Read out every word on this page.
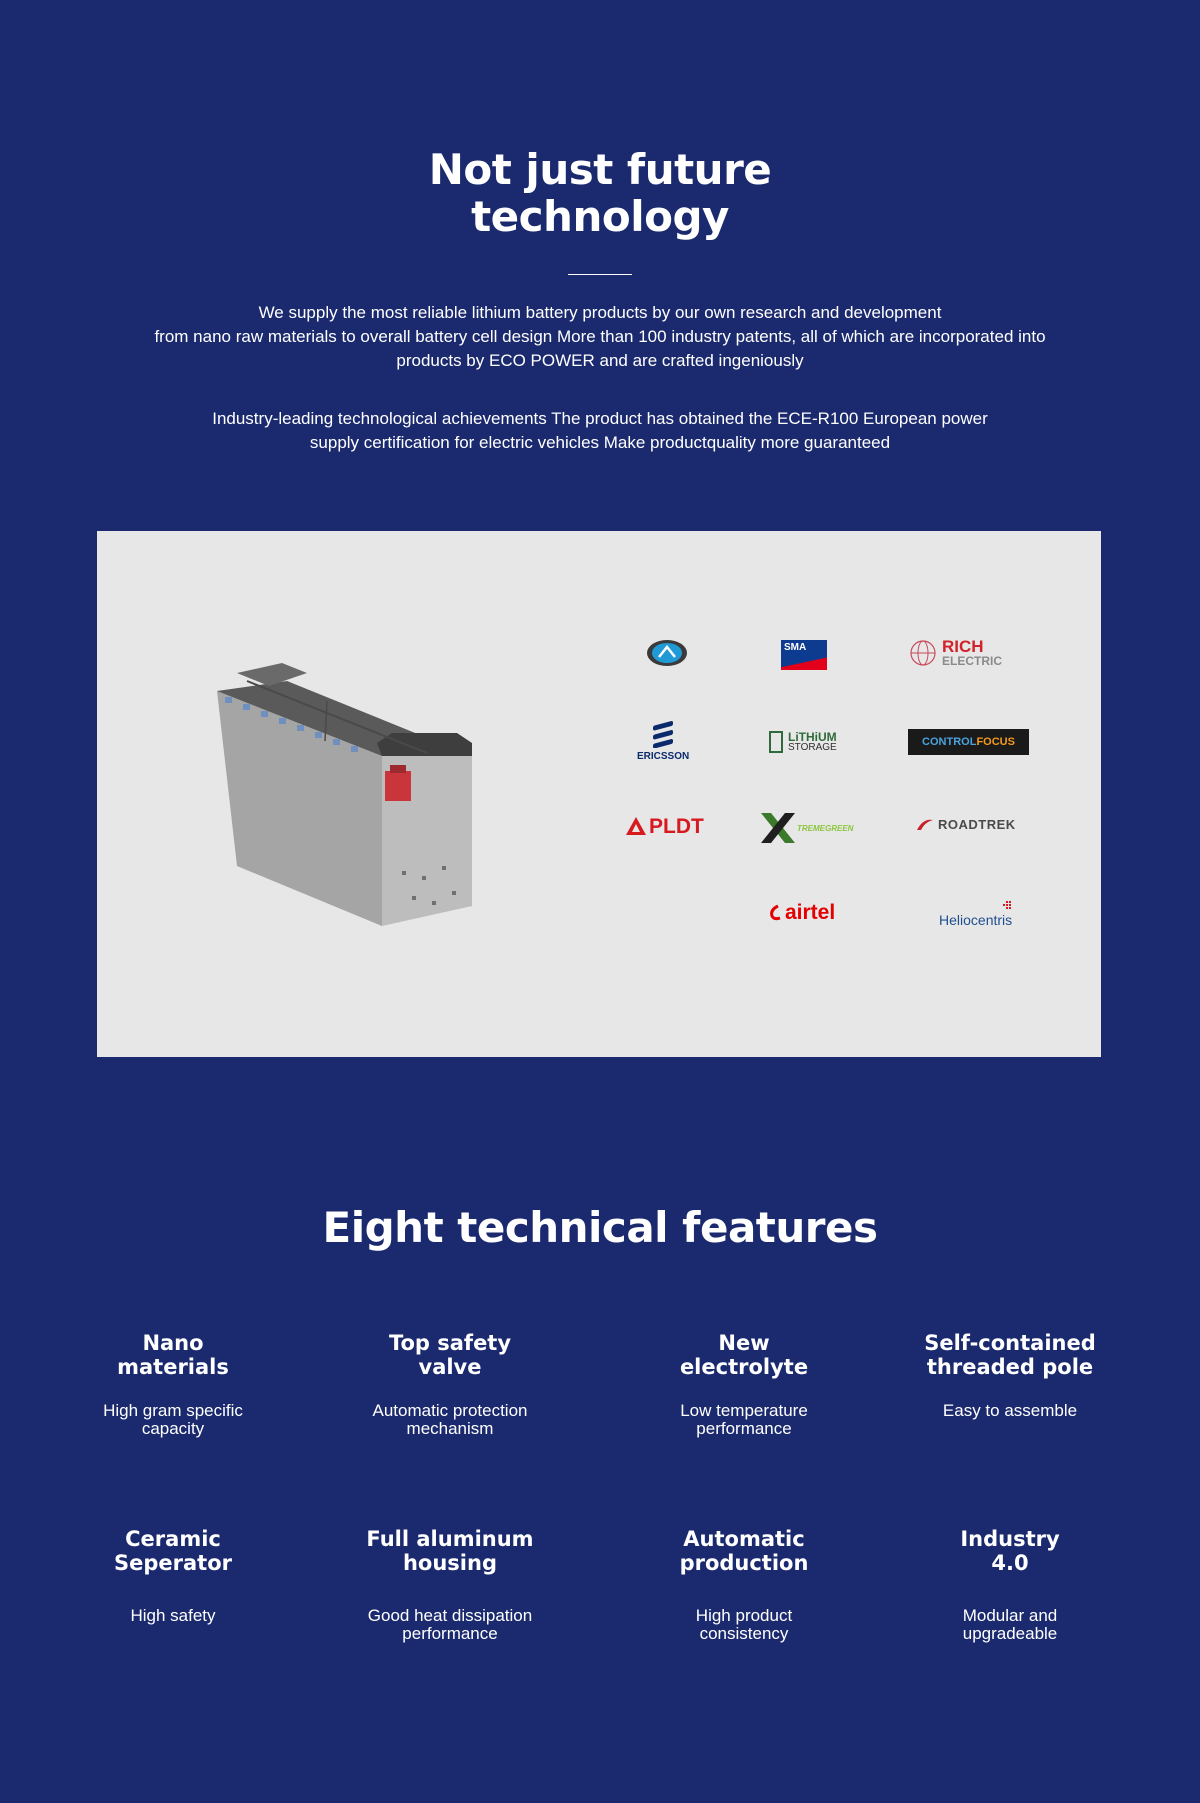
Not just future
technology

We supply the most reliable lithium battery products by our own research and development
from nano raw materials to overall battery cell design More than 100 industry patents, all of which are incorporated into
products by ECO POWER and are crafted ingeniously

Industry-leading technological achievements The product has obtained the ECE-R100 European power
supply certification for electric vehicles Make productquality more guaranteed

SMA	RICH
ELECTRIC
ERICSSON
LiTHiUM
STORAGE	CONTROL FOCUS
PLDT	TREMEGREEN	ROADTREK
airtel	Heliocentris
Eight technical features
Nano
materials
High gram specific
capacity
Top safety
valve
Automatic protection
mechanism
New
electrolyte
Low temperature
performance
Self-contained
threaded pole
Easy to assemble
Ceramic
Seperator
High safety
Full aluminum
housing
Good heat dissipation
performance
Automatic
production
High product
consistency
Industry
4.0
Modular and
upgradeable
